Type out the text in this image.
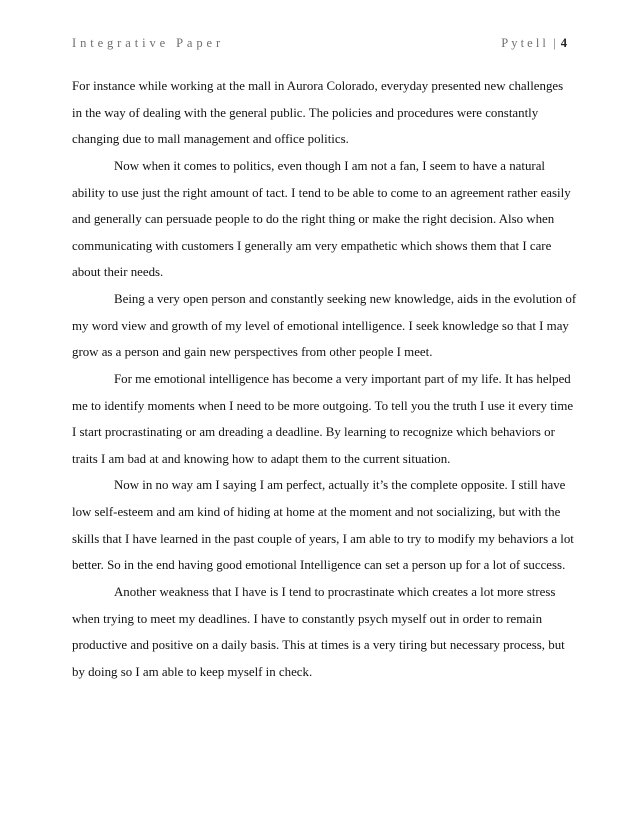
Integrative Paper	Pytell | 4
For instance while working at the mall in Aurora Colorado, everyday presented new challenges
in the way of dealing with the general public. The policies and procedures were constantly
changing due to mall management and office politics.
Now when it comes to politics, even though I am not a fan, I seem to have a natural
ability to use just the right amount of tact. I tend to be able to come to an agreement rather easily
and generally can persuade people to do the right thing or make the right decision. Also when
communicating with customers I generally am very empathetic which shows them that I care
about their needs.
Being a very open person and constantly seeking new knowledge, aids in the evolution of
my word view and growth of my level of emotional intelligence. I seek knowledge so that I may
grow as a person and gain new perspectives from other people I meet.
For me emotional intelligence has become a very important part of my life. It has helped
me to identify moments when I need to be more outgoing. To tell you the truth I use it every time
I start procrastinating or am dreading a deadline. By learning to recognize which behaviors or
traits I am bad at and knowing how to adapt them to the current situation.
Now in no way am I saying I am perfect, actually it’s the complete opposite. I still have
low self-esteem and am kind of hiding at home at the moment and not socializing, but with the
skills that I have learned in the past couple of years, I am able to try to modify my behaviors a lot
better. So in the end having good emotional Intelligence can set a person up for a lot of success.
Another weakness that I have is I tend to procrastinate which creates a lot more stress
when trying to meet my deadlines. I have to constantly psych myself out in order to remain
productive and positive on a daily basis. This at times is a very tiring but necessary process, but
by doing so I am able to keep myself in check.
